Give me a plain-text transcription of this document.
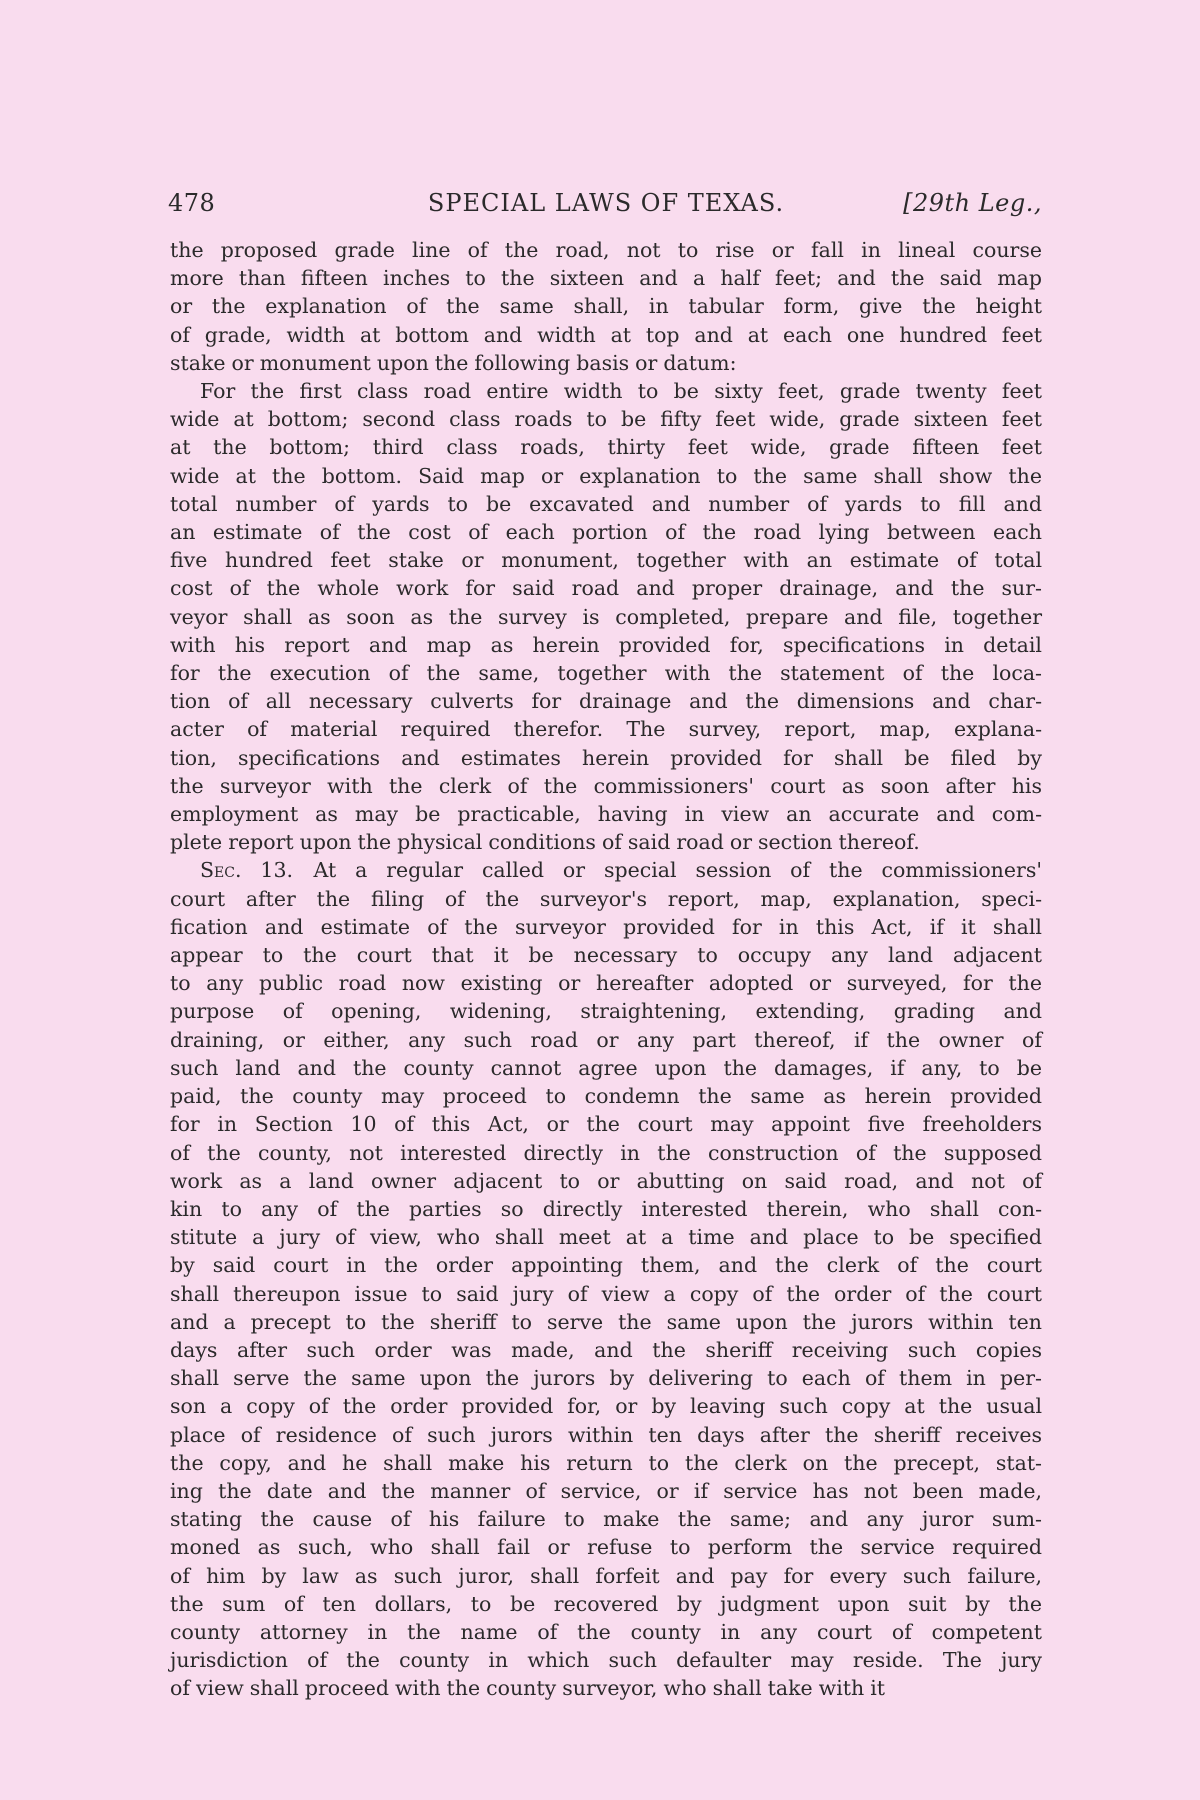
478	SPECIAL LAWS OF TEXAS.	[29th Leg.,

the proposed grade line of the road, not to rise or fall in lineal course
more than fifteen inches to the sixteen and a half feet; and the said map
or the explanation of the same shall, in tabular form, give the height
of grade, width at bottom and width at top and at each one hundred feet
stake or monument upon the following basis or datum:

For the first class road entire width to be sixty feet, grade twenty feet
wide at bottom; second class roads to be fifty feet wide, grade sixteen feet
at the bottom; third class roads, thirty feet wide, grade fifteen feet
wide at the bottom. Said map or explanation to the same shall show the
total number of yards to be excavated and number of yards to fill and
an estimate of the cost of each portion of the road lying between each
five hundred feet stake or monument, together with an estimate of total
cost of the whole work for said road and proper drainage, and the sur-
veyor shall as soon as the survey is completed, prepare and file, together
with his report and map as herein provided for, specifications in detail
for the execution of the same, together with the statement of the loca-
tion of all necessary culverts for drainage and the dimensions and char-
acter of material required therefor. The survey, report, map, explana-
tion, specifications and estimates herein provided for shall be filed by
the surveyor with the clerk of the commissioners' court as soon after his
employment as may be practicable, having in view an accurate and com-
plete report upon the physical conditions of said road or section thereof.

Sec. 13.  At a regular called or special session of the commissioners'
court after the filing of the surveyor's report, map, explanation, speci-
fication and estimate of the surveyor provided for in this Act, if it shall
appear to the court that it be necessary to occupy any land adjacent
to any public road now existing or hereafter adopted or surveyed, for the
purpose of opening, widening, straightening, extending, grading and
draining, or either, any such road or any part thereof, if the owner of
such land and the county cannot agree upon the damages, if any, to be
paid, the county may proceed to condemn the same as herein provided
for in Section 10 of this Act, or the court may appoint five freeholders
of the county, not interested directly in the construction of the supposed
work as a land owner adjacent to or abutting on said road, and not of
kin to any of the parties so directly interested therein, who shall con-
stitute a jury of view, who shall meet at a time and place to be specified
by said court in the order appointing them, and the clerk of the court
shall thereupon issue to said jury of view a copy of the order of the court
and a precept to the sheriff to serve the same upon the jurors within ten
days after such order was made, and the sheriff receiving such copies
shall serve the same upon the jurors by delivering to each of them in per-
son a copy of the order provided for, or by leaving such copy at the usual
place of residence of such jurors within ten days after the sheriff receives
the copy, and he shall make his return to the clerk on the precept, stat-
ing the date and the manner of service, or if service has not been made,
stating the cause of his failure to make the same; and any juror sum-
moned as such, who shall fail or refuse to perform the service required
of him by law as such juror, shall forfeit and pay for every such failure,
the sum of ten dollars, to be recovered by judgment upon suit by the
county attorney in the name of the county in any court of competent
jurisdiction of the county in which such defaulter may reside. The jury
of view shall proceed with the county surveyor, who shall take with it
